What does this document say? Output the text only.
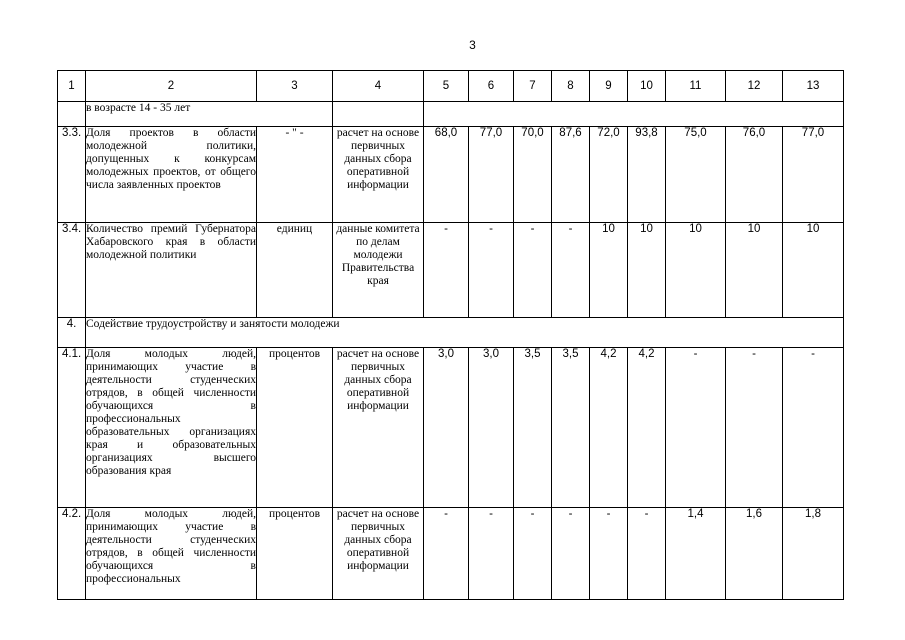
3
1	2	3	4	5	6	7	8	9	10	11	12	13
	в возрасте 14 - 35 лет											
3.3.	Доля проектов в области молодежной политики, допущенных к конкурсам молодежных проектов, от общего числа заявленных проектов	- " -	расчет на основе первичных данных сбора оперативной информации	68,0	77,0	70,0	87,6	72,0	93,8	75,0	76,0	77,0
3.4.	Количество премий Губернатора Хабаровского края в области молодежной политики	единиц	данные комитета по делам молодежи Правительства края	-	-	-	-	10	10	10	10	10
4.	Содействие трудоустройству и занятости молодежи											
4.1.	Доля молодых людей, принимающих участие в деятельности студенческих отрядов, в общей численности обучающихся в профессиональных образовательных организациях края и образовательных организациях высшего образования края	процентов	расчет на основе первичных данных сбора оперативной информации	3,0	3,0	3,5	3,5	4,2	4,2	-	-	-
4.2.	Доля молодых людей, принимающих участие в деятельности студенческих отрядов, в общей численности обучающихся в профессиональных	процентов	расчет на основе первичных данных сбора оперативной информации	-	-	-	-	-	-	1,4	1,6	1,8
